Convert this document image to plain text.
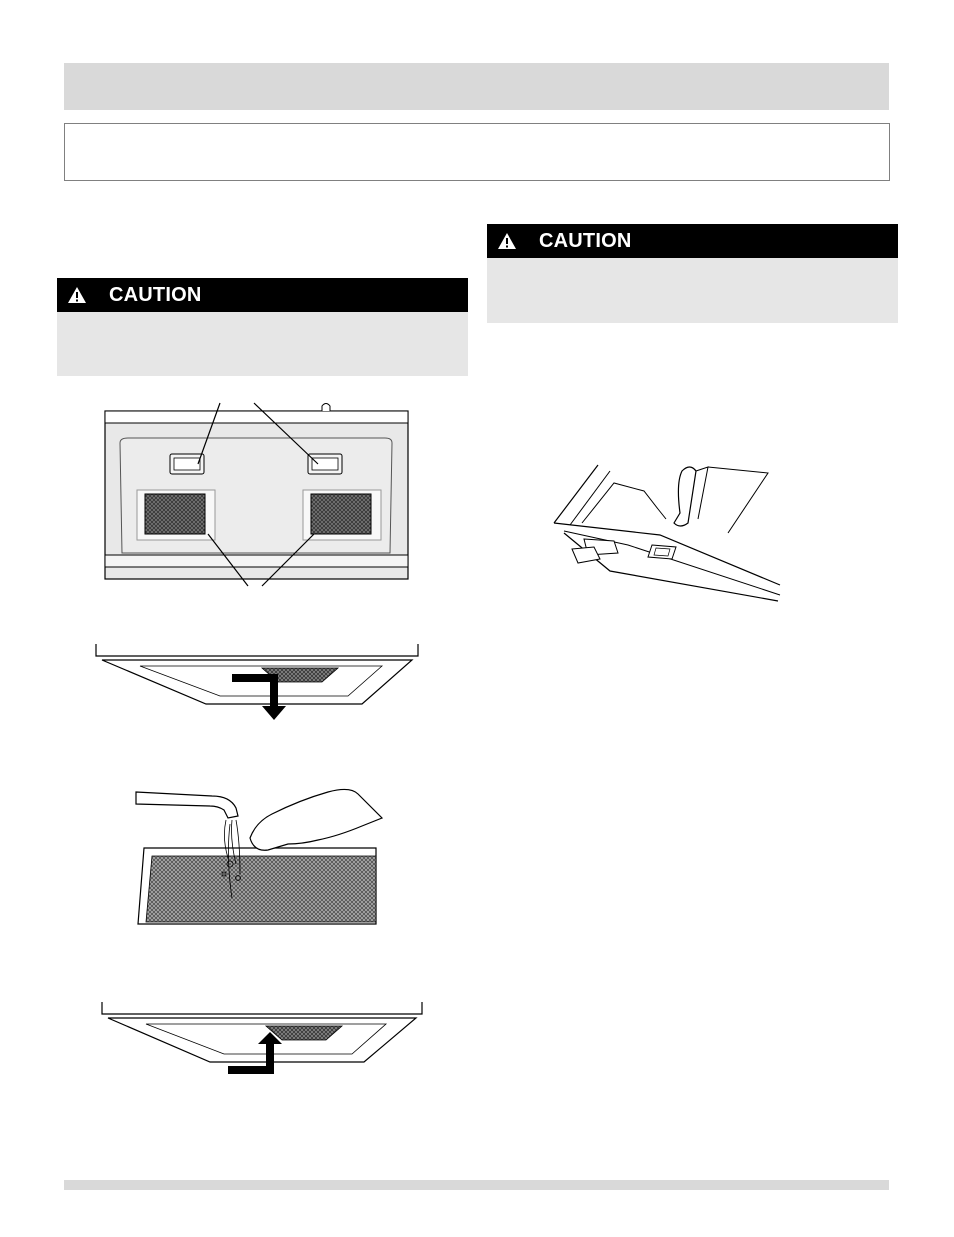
CAUTION
CAUTION
